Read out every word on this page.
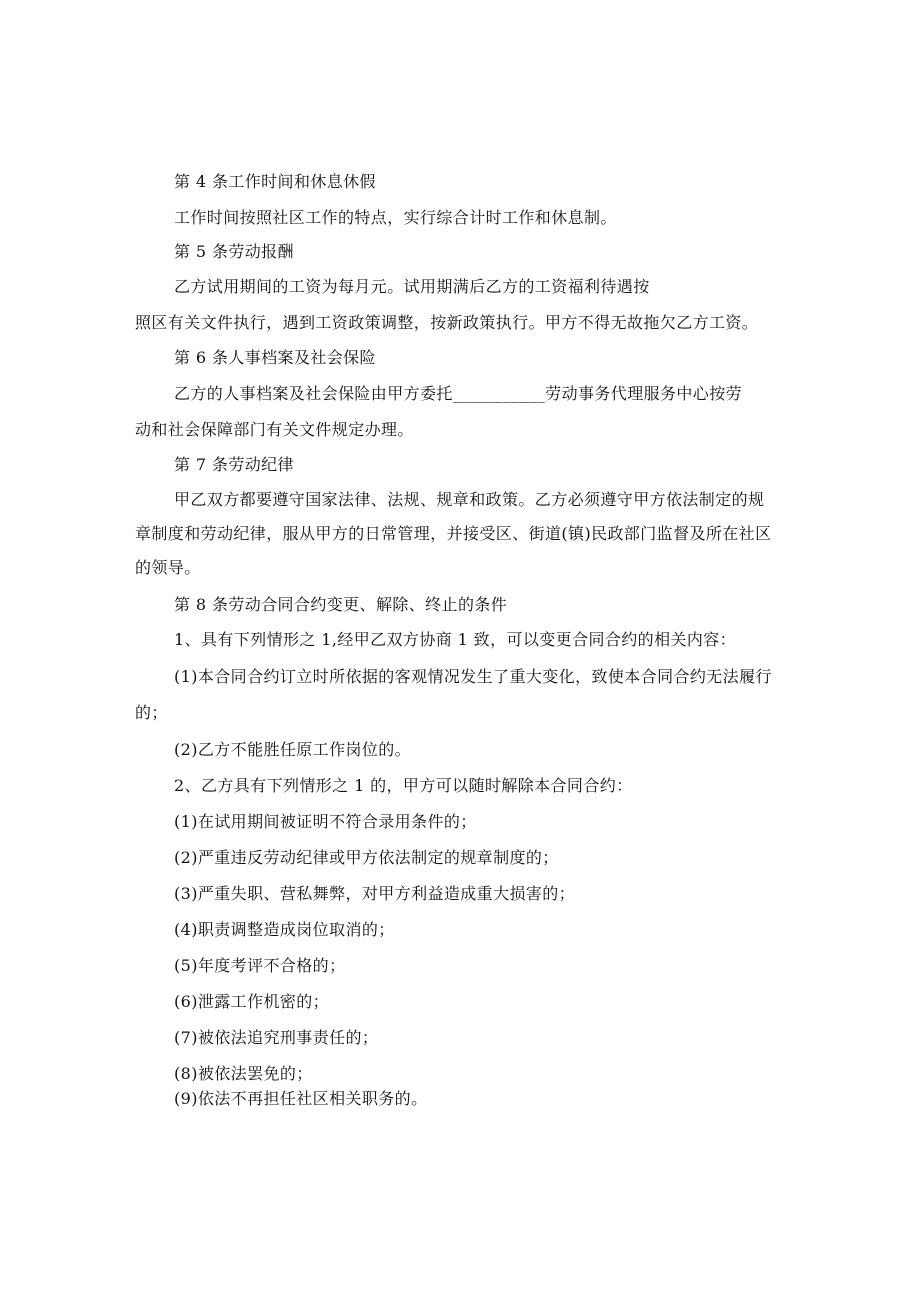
第 4 条工作时间和休息休假
工作时间按照社区工作的特点，实行综合计时工作和休息制。
第 5 条劳动报酬
乙方试用期间的工资为每月元。试用期满后乙方的工资福利待遇按
照区有关文件执行，遇到工资政策调整，按新政策执行。甲方不得无故拖欠乙方工资。
第 6 条人事档案及社会保险
乙方的人事档案及社会保险由甲方委托___________劳动事务代理服务中心按劳
动和社会保障部门有关文件规定办理。
第 7 条劳动纪律
甲乙双方都要遵守国家法律、法规、规章和政策。乙方必须遵守甲方依法制定的规
章制度和劳动纪律，服从甲方的日常管理，并接受区、街道(镇)民政部门监督及所在社区
的领导。
第 8 条劳动合同合约变更、解除、终止的条件
1、具有下列情形之 1,经甲乙双方协商 1 致，可以变更合同合约的相关内容：
(1)本合同合约订立时所依据的客观情况发生了重大变化，致使本合同合约无法履行
的；
(2)乙方不能胜任原工作岗位的。
2、乙方具有下列情形之 1 的，甲方可以随时解除本合同合约：
(1)在试用期间被证明不符合录用条件的；
(2)严重违反劳动纪律或甲方依法制定的规章制度的；
(3)严重失职、营私舞弊，对甲方利益造成重大损害的；
(4)职责调整造成岗位取消的；
(5)年度考评不合格的；
(6)泄露工作机密的；
(7)被依法追究刑事责任的；
(8)被依法罢免的；
(9)依法不再担任社区相关职务的。
